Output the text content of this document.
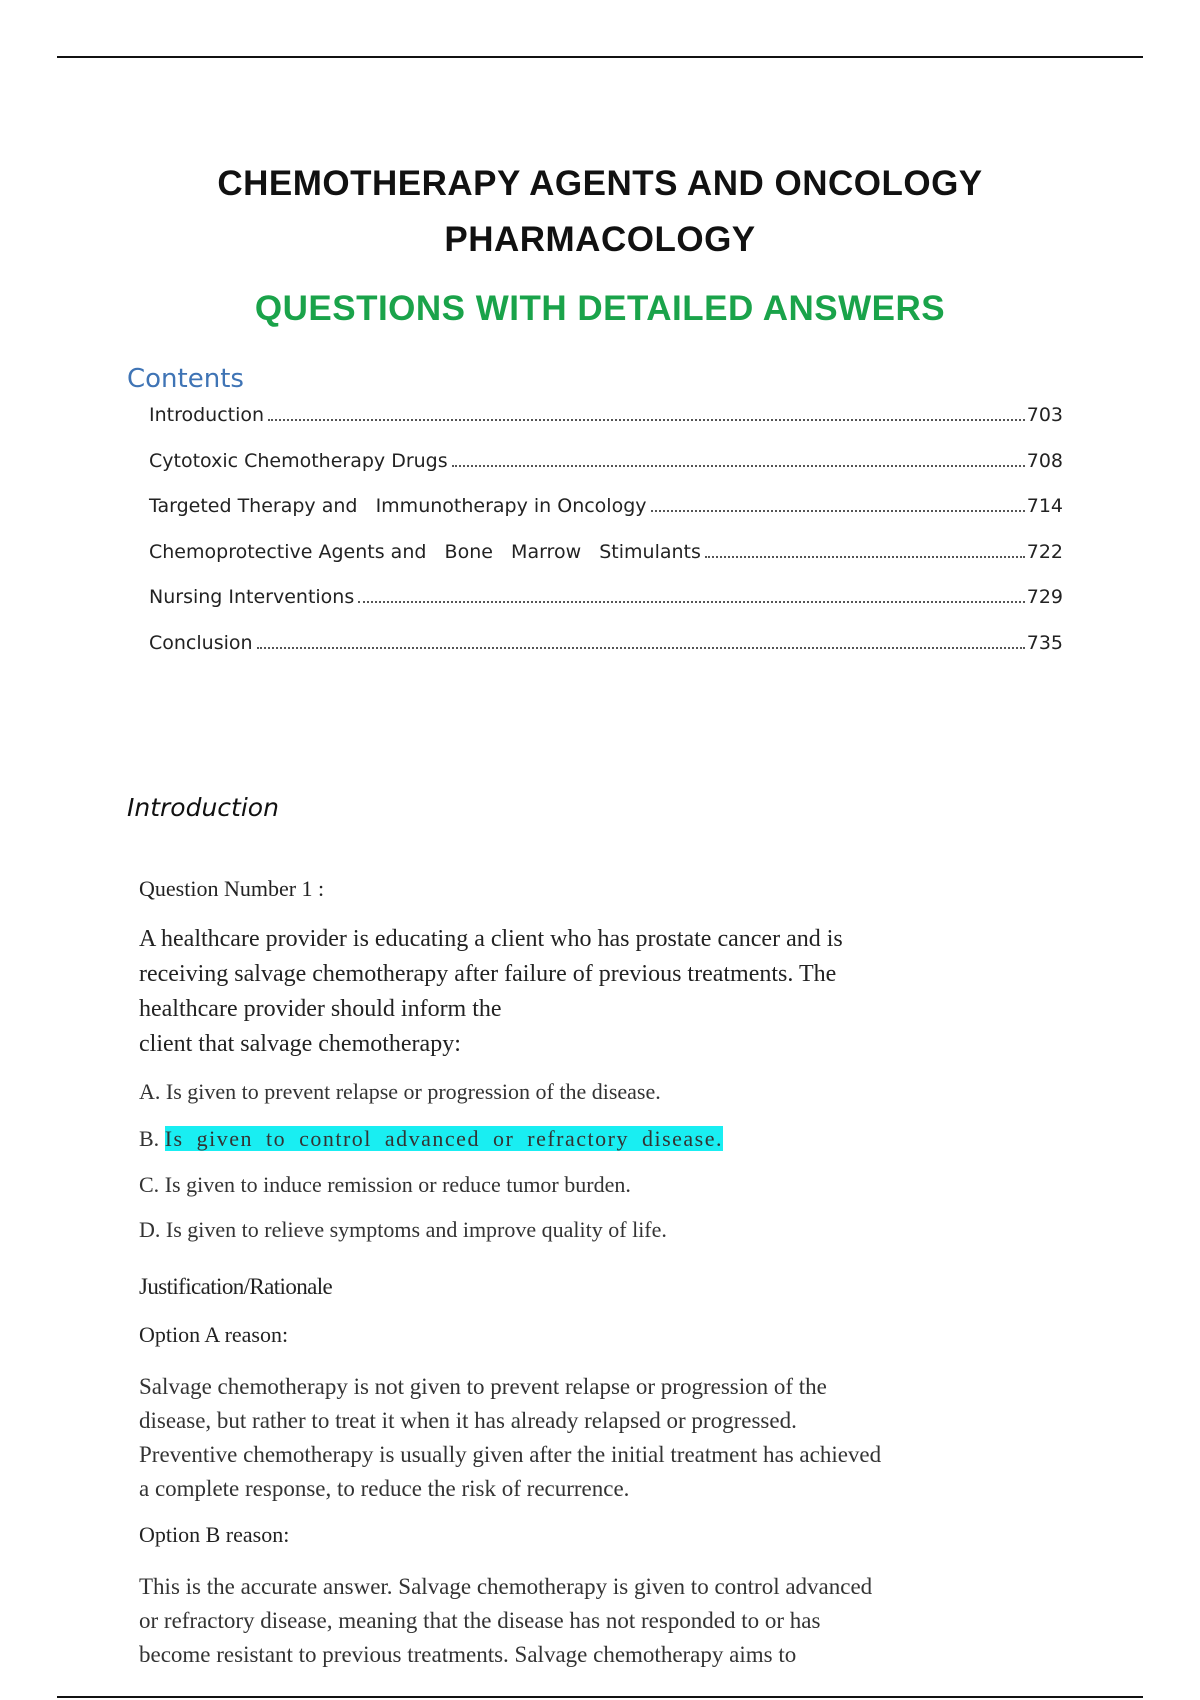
CHEMOTHERAPY AGENTS AND ONCOLOGY
PHARMACOLOGY
QUESTIONS WITH DETAILED ANSWERS
Contents
Introduction	703
Cytotoxic Chemotherapy Drugs	708
Targeted Therapy and   Immunotherapy in Oncology	714
Chemoprotective Agents and   Bone   Marrow   Stimulants	722
Nursing Interventions	729
Conclusion	735
Introduction
Question Number 1 :
A healthcare provider is educating a client who has prostate cancer and is
receiving salvage chemotherapy after failure of previous treatments. The
healthcare provider should inform the
client that salvage chemotherapy:
A. Is given to prevent relapse or progression of the disease.
B. Is given to control advanced or refractory disease.
C. Is given to induce remission or reduce tumor burden.
D. Is given to relieve symptoms and improve quality of life.
Justification/Rationale
Option A reason:
Salvage chemotherapy is not given to prevent relapse or progression of the
disease, but rather to treat it when it has already relapsed or progressed.
Preventive chemotherapy is usually given after the initial treatment has achieved
a complete response, to reduce the risk of recurrence.
Option B reason:
This is the accurate answer. Salvage chemotherapy is given to control advanced
or refractory disease, meaning that the disease has not responded to or has
become resistant to previous treatments. Salvage chemotherapy aims to
